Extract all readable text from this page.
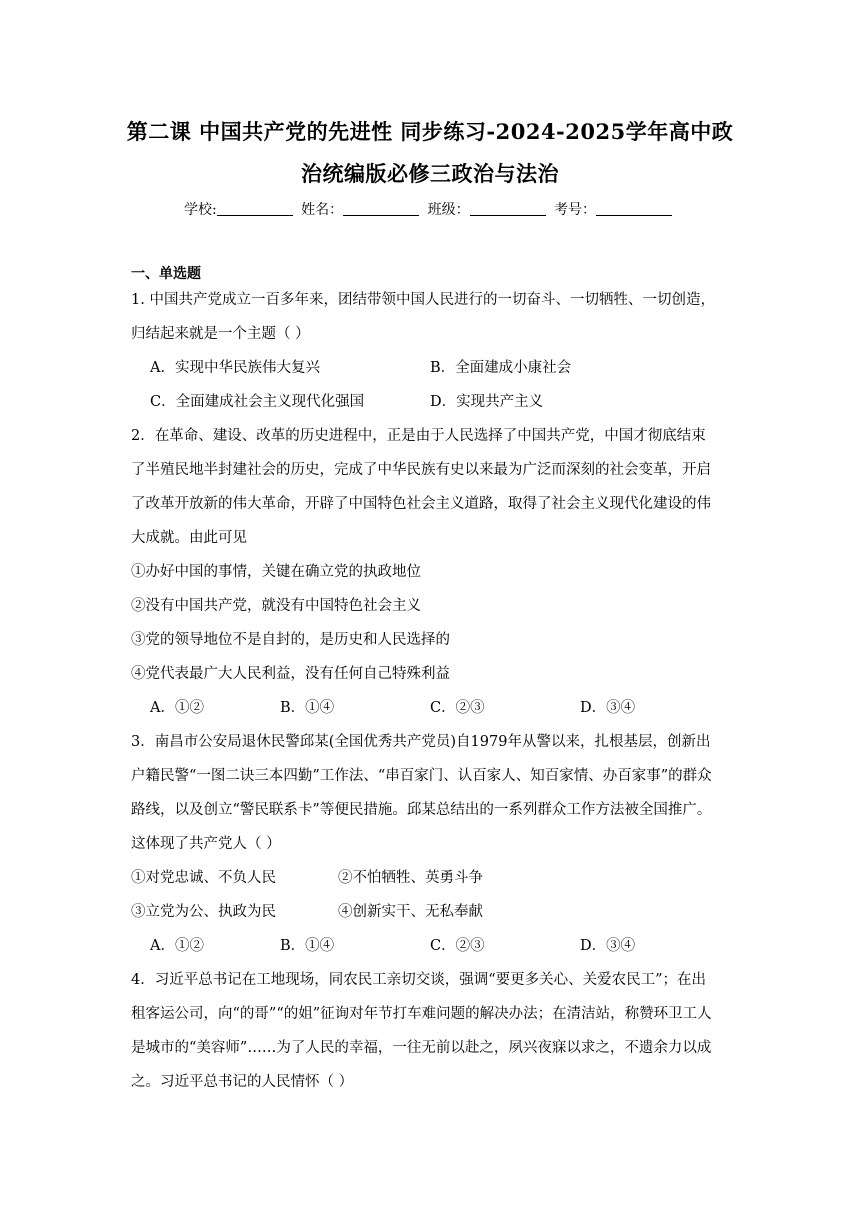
第二课 中国共产党的先进性 同步练习-2024-2025学年高中政
治统编版必修三政治与法治
学校:	姓名：	班级：	考号：
一、单选题
1. 中国共产党成立一百多年来，团结带领中国人民进行的一切奋斗、一切牺牲、一切创造，
归结起来就是一个主题（ ）
A．实现中华民族伟大复兴	B．全面建成小康社会
C．全面建成社会主义现代化强国	D．实现共产主义
2．在革命、建设、改革的历史进程中，正是由于人民选择了中国共产党，中国才彻底结束
了半殖民地半封建社会的历史，完成了中华民族有史以来最为广泛而深刻的社会变革，开启
了改革开放新的伟大革命，开辟了中国特色社会主义道路，取得了社会主义现代化建设的伟
大成就。由此可见
①办好中国的事情，关键在确立党的执政地位
②没有中国共产党，就没有中国特色社会主义
③党的领导地位不是自封的，是历史和人民选择的
④党代表最广大人民利益，没有任何自己特殊利益
A．①②	B．①④	C．②③	D．③④
3．南昌市公安局退休民警邱某(全国优秀共产党员)自1979年从警以来，扎根基层，创新出
户籍民警“一图二诀三本四勤”工作法、“串百家门、认百家人、知百家情、办百家事”的群众
路线，以及创立“警民联系卡”等便民措施。邱某总结出的一系列群众工作方法被全国推广。
这体现了共产党人（ ）
①对党忠诚、不负人民	②不怕牺牲、英勇斗争
③立党为公、执政为民	④创新实干、无私奉献
A．①②	B．①④	C．②③	D．③④
4．习近平总书记在工地现场，同农民工亲切交谈，强调“要更多关心、关爱农民工”；在出
租客运公司，向“的哥”“的姐”征询对年节打车难问题的解决办法；在清洁站，称赞环卫工人
是城市的“美容师”……为了人民的幸福，一往无前以赴之，夙兴夜寐以求之，不遗余力以成
之。习近平总书记的人民情怀（ ）
